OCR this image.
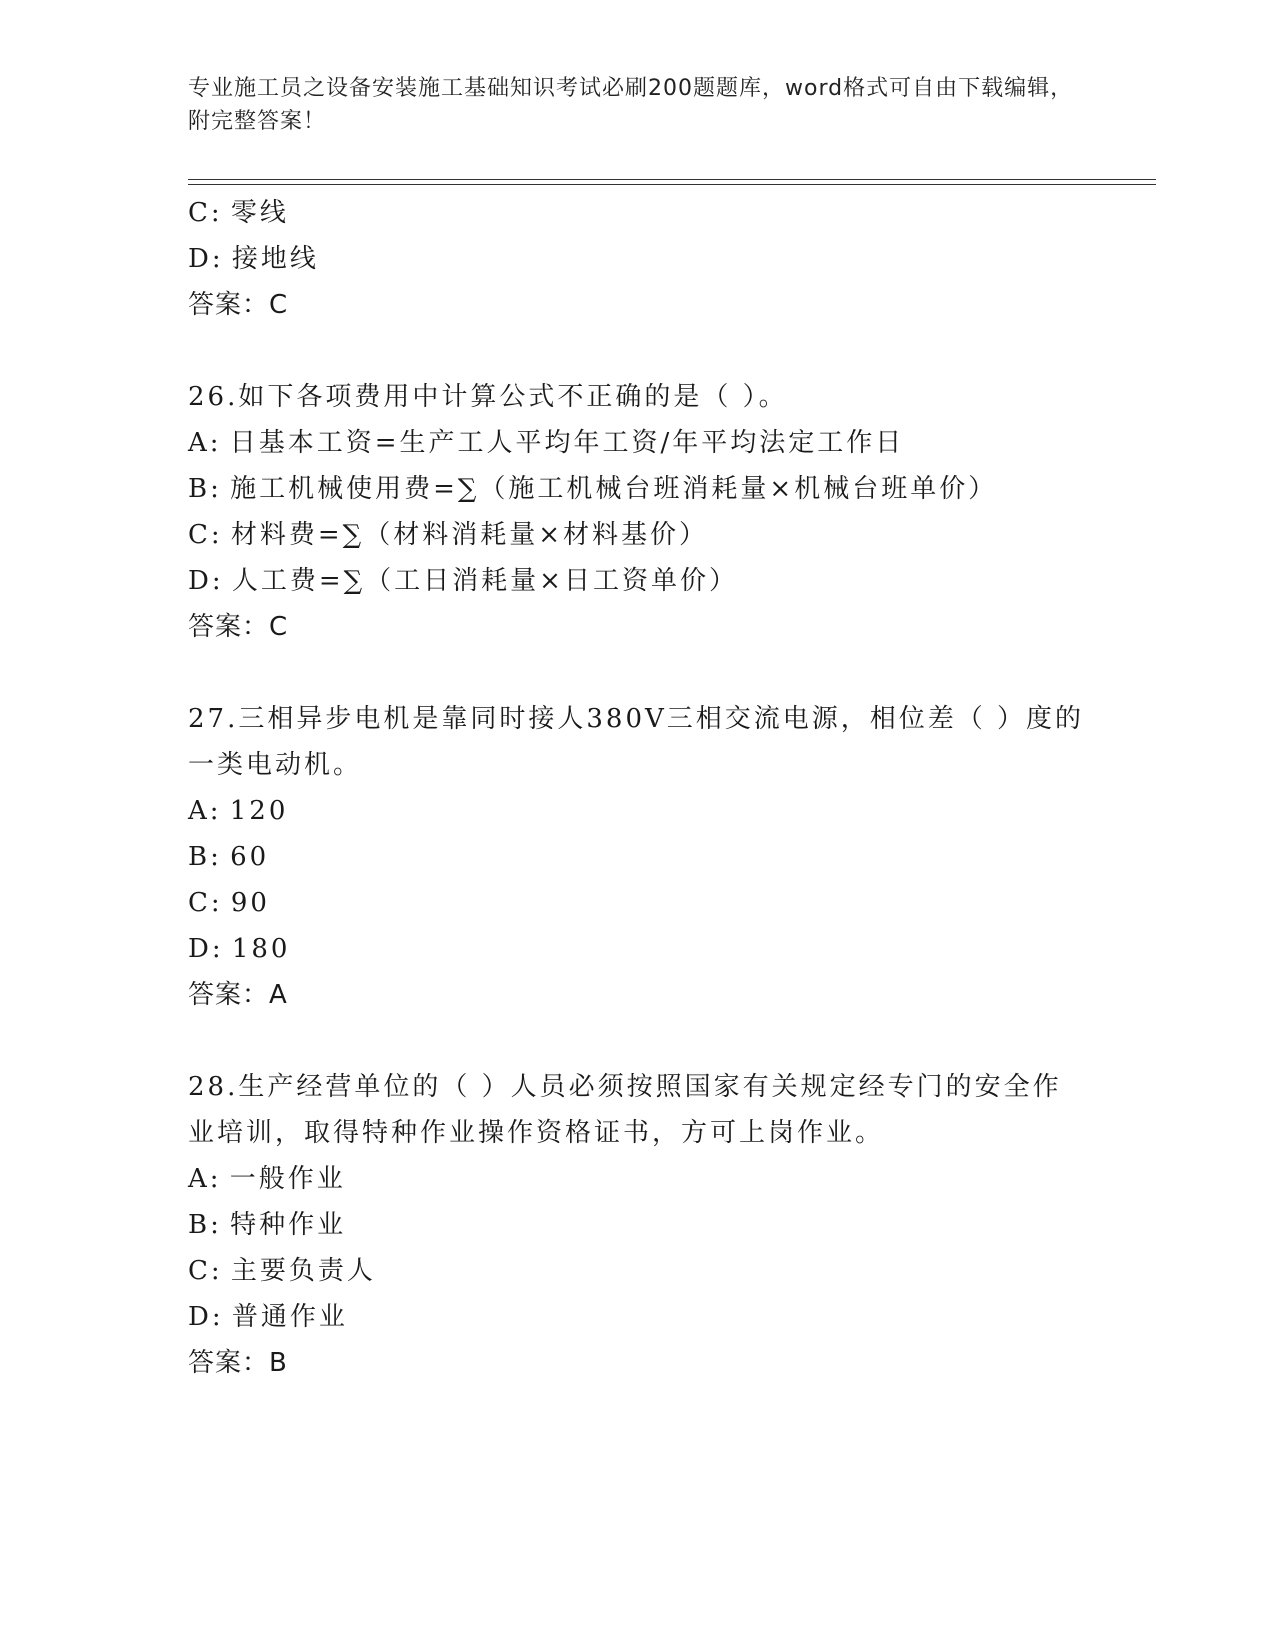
专业施工员之设备安装施工基础知识考试必刷200题题库，word格式可自由下载编辑，附完整答案！
C: 零线
D: 接地线
答案：C
26.如下各项费用中计算公式不正确的是（ ）。
A: 日基本工资=生产工人平均年工资/年平均法定工作日
B: 施工机械使用费=∑（施工机械台班消耗量×机械台班单价）
C: 材料费=∑（材料消耗量×材料基价）
D: 人工费=∑（工日消耗量×日工资单价）
答案：C
27.三相异步电机是靠同时接人380V三相交流电源，相位差（ ）度的一类电动机。
A: 120
B: 60
C: 90
D: 180
答案：A
28.生产经营单位的（ ）人员必须按照国家有关规定经专门的安全作业培训，取得特种作业操作资格证书，方可上岗作业。
A: 一般作业
B: 特种作业
C: 主要负责人
D: 普通作业
答案：B
